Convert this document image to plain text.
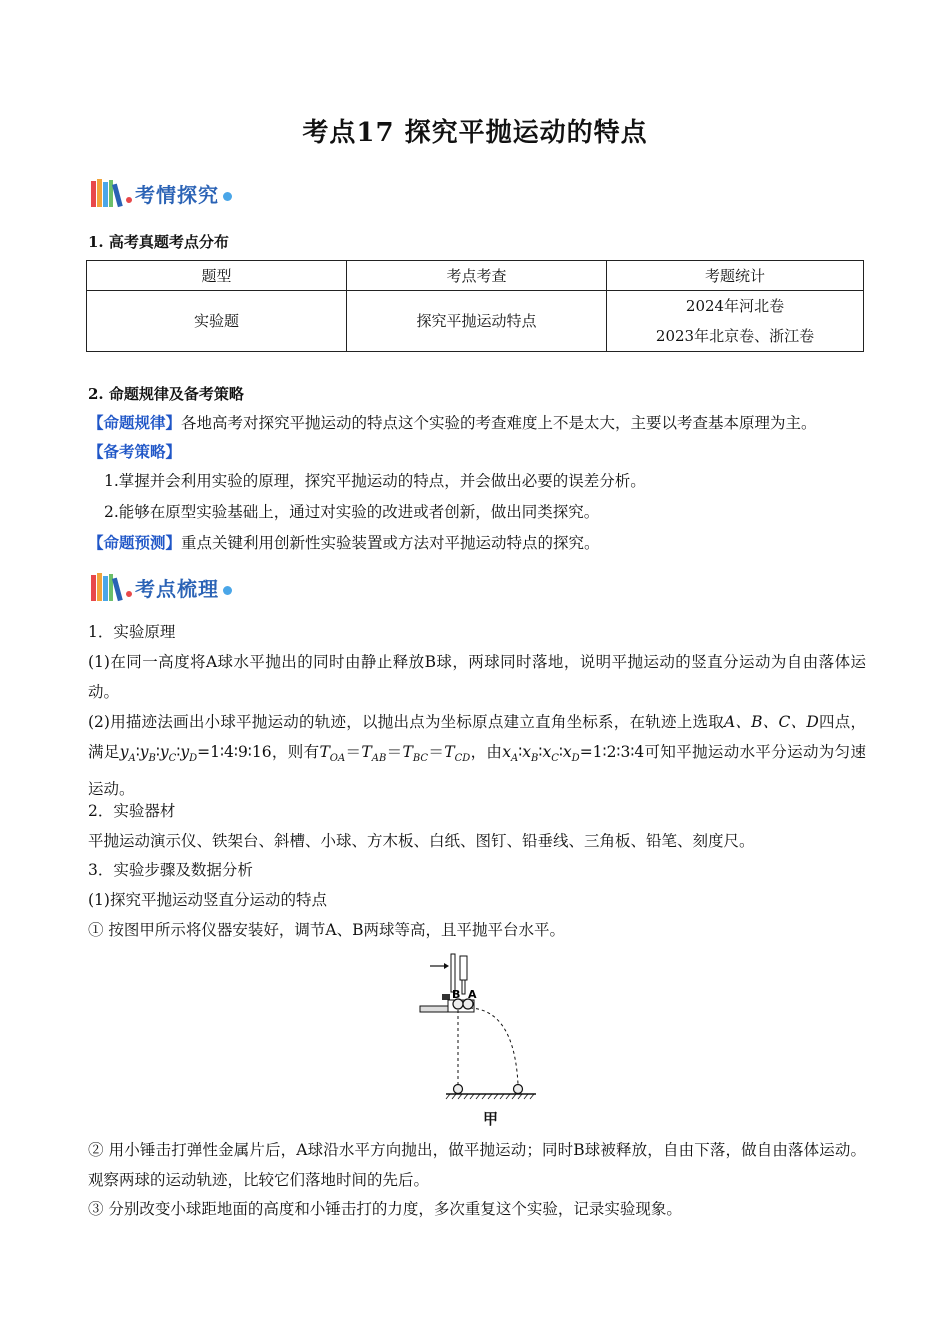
考点17 探究平抛运动的特点
考情探究
1. 高考真题考点分布
题型	考点考查	考题统计
实验题	探究平抛运动特点	2024年河北卷
2023年北京卷、浙江卷
2. 命题规律及备考策略
【命题规律】各地高考对探究平抛运动的特点这个实验的考查难度上不是太大，主要以考查基本原理为主。
【备考策略】
1.掌握并会利用实验的原理，探究平抛运动的特点，并会做出必要的误差分析。
2.能够在原型实验基础上，通过对实验的改进或者创新，做出同类探究。
【命题预测】重点关键利用创新性实验装置或方法对平抛运动特点的探究。
考点梳理
1．实验原理
(1)在同一高度将A球水平抛出的同时由静止释放B球，两球同时落地，说明平抛运动的竖直分运动为自由落体运动。
(2)用描迹法画出小球平抛运动的轨迹，以抛出点为坐标原点建立直角坐标系，在轨迹上选取A、B、C、D四点，满足$y_A∶y_B∶y_C∶y_D=1∶4∶9∶16$，则有$T_{OA}=T_{AB}=T_{BC}=T_{CD}$，由$x_A∶x_B∶x_C∶x_D=1∶2∶3∶4$可知平抛运动水平分运动为匀速运动。
2．实验器材
平抛运动演示仪、铁架台、斜槽、小球、方木板、白纸、图钉、铅垂线、三角板、铅笔、刻度尺。
3．实验步骤及数据分析
(1)探究平抛运动竖直分运动的特点
① 按图甲所示将仪器安装好，调节A、B两球等高，且平抛平台水平。
B A
甲
② 用小锤击打弹性金属片后，A球沿水平方向抛出，做平抛运动；同时B球被释放，自由下落，做自由落体运动。观察两球的运动轨迹，比较它们落地时间的先后。
③ 分别改变小球距地面的高度和小锤击打的力度，多次重复这个实验，记录实验现象。
